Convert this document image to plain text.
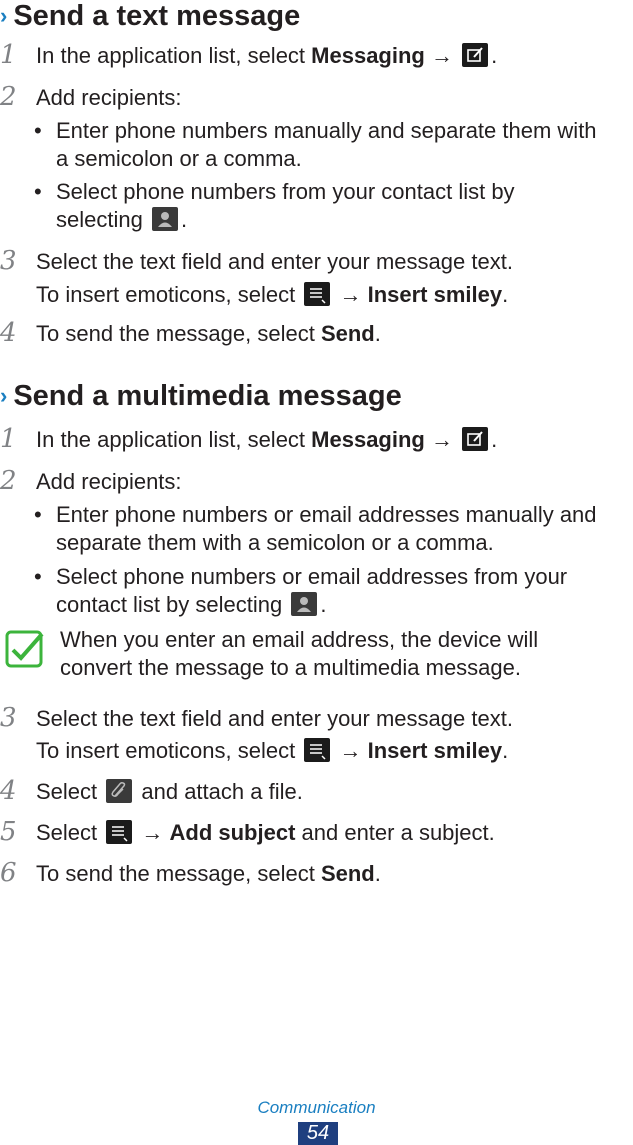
› Send a text message
1 In the application list, select Messaging →
.
2 Add recipients:
• Enter phone numbers manually and separate them with
a semicolon or a comma.
• Select phone numbers from your contact list by
selecting
.
3 Select the text field and enter your message text.
To insert emoticons, select
→ Insert smiley.
4 To send the message, select Send.
› Send a multimedia message
1 In the application list, select Messaging →
.
2 Add recipients:
• Enter phone numbers or email addresses manually and
separate them with a semicolon or a comma.
• Select phone numbers or email addresses from your
contact list by selecting
.
When you enter an email address, the device will
convert the message to a multimedia message.
3 Select the text field and enter your message text.
To insert emoticons, select
→ Insert smiley.
4 Select
and attach a file.
5 Select
→ Add subject and enter a subject.
6 To send the message, select Send.
Communication
54
